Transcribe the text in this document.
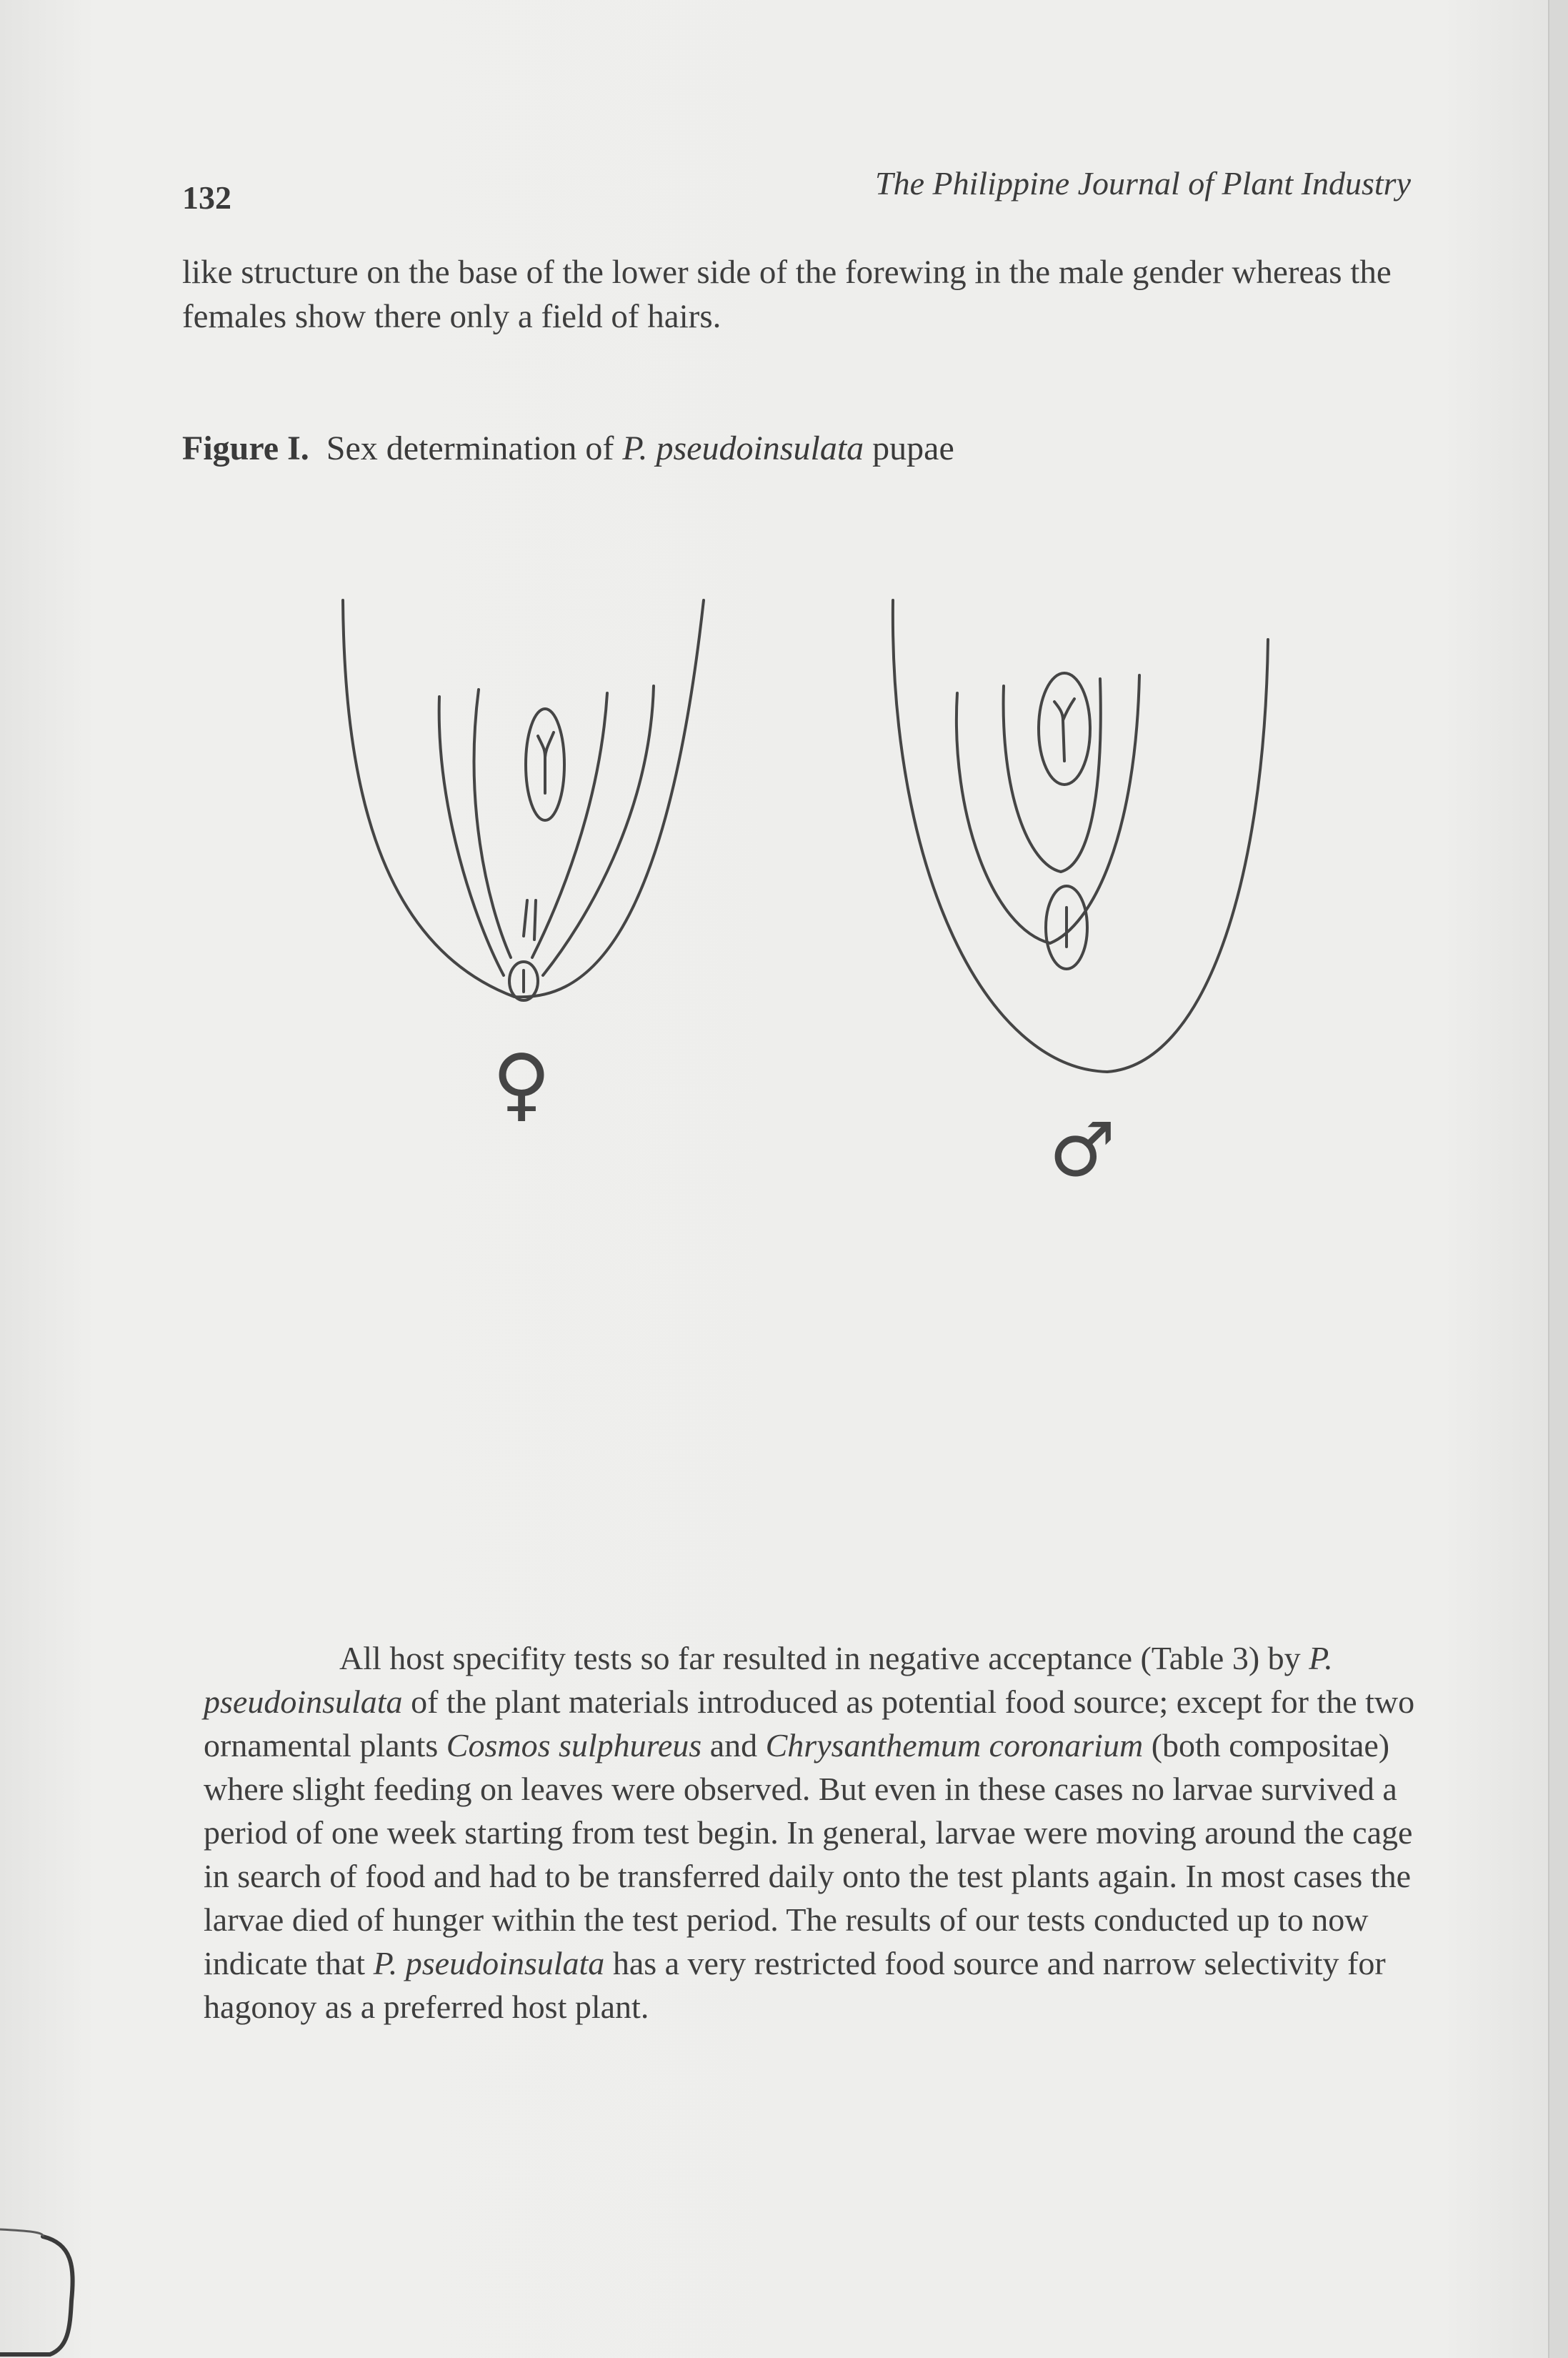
132	The Philippine Journal of Plant Industry

like structure on the base of the lower side of the forewing in the male gender whereas the females show there only a field of hairs.

Figure I. Sex determination of P. pseudoinsulata pupae

♀
♂

All host specifity tests so far resulted in negative acceptance (Table 3) by P. pseudoinsulata of the plant materials introduced as potential food source; except for the two ornamental plants Cosmos sulphureus and Chrysanthemum coronarium (both compositae) where slight feeding on leaves were observed. But even in these cases no larvae survived a period of one week starting from test begin. In general, larvae were moving around the cage in search of food and had to be transferred daily onto the test plants again. In most cases the larvae died of hunger within the test period. The results of our tests conducted up to now indicate that P. pseudoinsulata has a very restricted food source and narrow selectivity for hagonoy as a preferred host plant.
